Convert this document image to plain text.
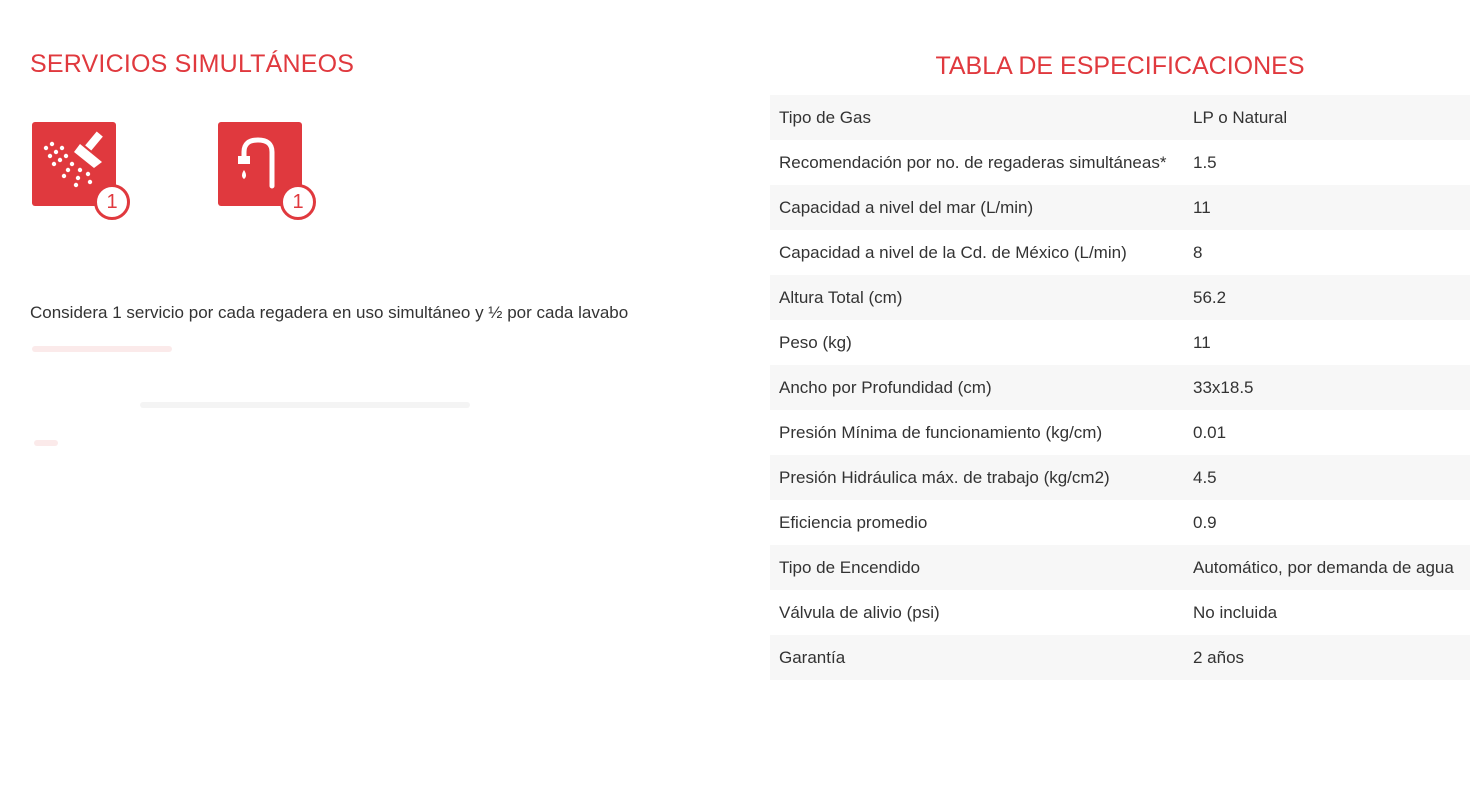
SERVICIOS SIMULTÁNEOS
1	1

Considera 1 servicio por cada regadera en uso simultáneo y ½ por cada lavabo

TABLA DE ESPECIFICACIONES
Tipo de Gas	LP o Natural
Recomendación por no. de regaderas simultáneas*	1.5
Capacidad a nivel del mar (L/min)	11
Capacidad a nivel de la Cd. de México (L/min)	8
Altura Total (cm)	56.2
Peso (kg)	11
Ancho por Profundidad (cm)	33x18.5
Presión Mínima de funcionamiento (kg/cm)	0.01
Presión Hidráulica máx. de trabajo (kg/cm2)	4.5
Eficiencia promedio	0.9
Tipo de Encendido	Automático, por demanda de agua
Válvula de alivio (psi)	No incluida
Garantía	2 años
